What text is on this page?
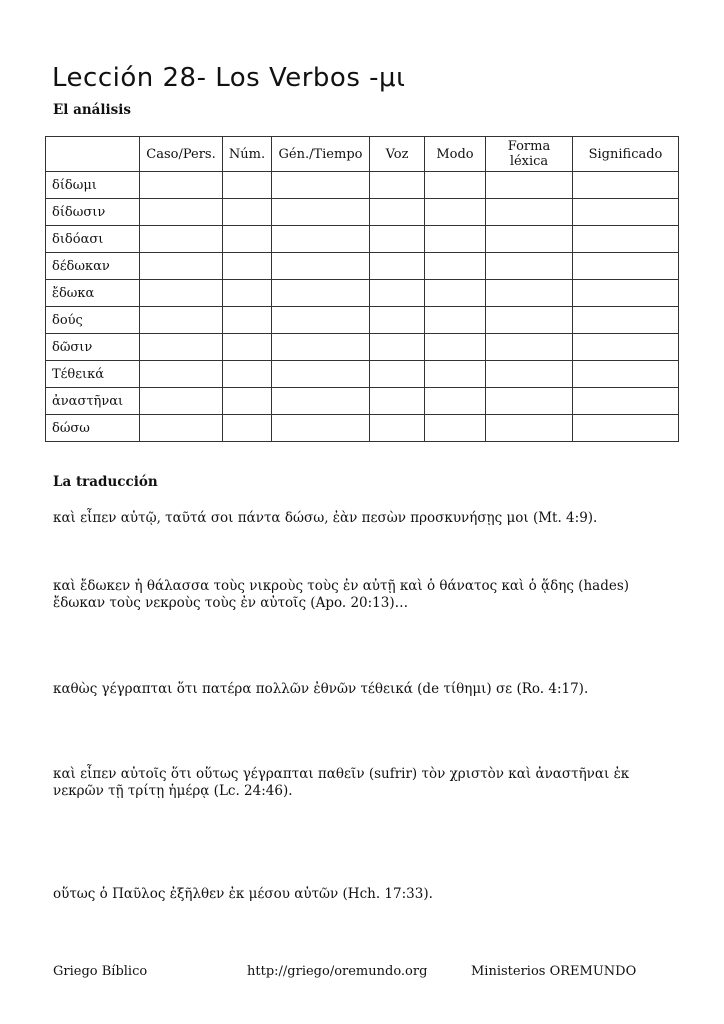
Lección 28- Los Verbos -μι
El análisis
	Caso/Pers.	Núm.	Gén./Tiempo	Voz	Modo	Forma léxica	Significado
δίδωμι							
δίδωσιν							
διδόασι							
δέδωκαν							
ἔδωκα							
δούς							
δῶσιν							
Τέθεικά							
ἀναστῆναι							
δώσω							
La traducción
καὶ εἶπεν αὐτῷ, ταῦτά σοι πάντα δώσω, ἐὰν πεσὼν προσκυνήσῃς μοι (Mt. 4:9).
καὶ ἔδωκεν ἡ θάλασσα τοὺς νικροὺς τοὺς ἐν αὐτῇ καὶ ὁ θάνατος καὶ ὁ ᾅδης (hades) ἔδωκαν τοὺς νεκροὺς τοὺς ἐν αὐτοῖς (Apo. 20:13)…
καθὼς γέγραπται ὅτι πατέρα πολλῶν ἐθνῶν τέθεικά (de τίθημι) σε (Ro. 4:17).
καὶ εἶπεν αὐτοῖς ὅτι οὕτως γέγραπται παθεῖν (sufrir) τὸν χριστὸν καὶ ἀναστῆναι ἐκ νεκρῶν τῇ τρίτῃ ἡμέρᾳ (Lc. 24:46).
οὕτως ὁ Παῦλος ἐξῆλθεν ἐκ μέσου αὐτῶν (Hch. 17:33).
Griego Bíblico	http://griego/oremundo.org	Ministerios OREMUNDO
